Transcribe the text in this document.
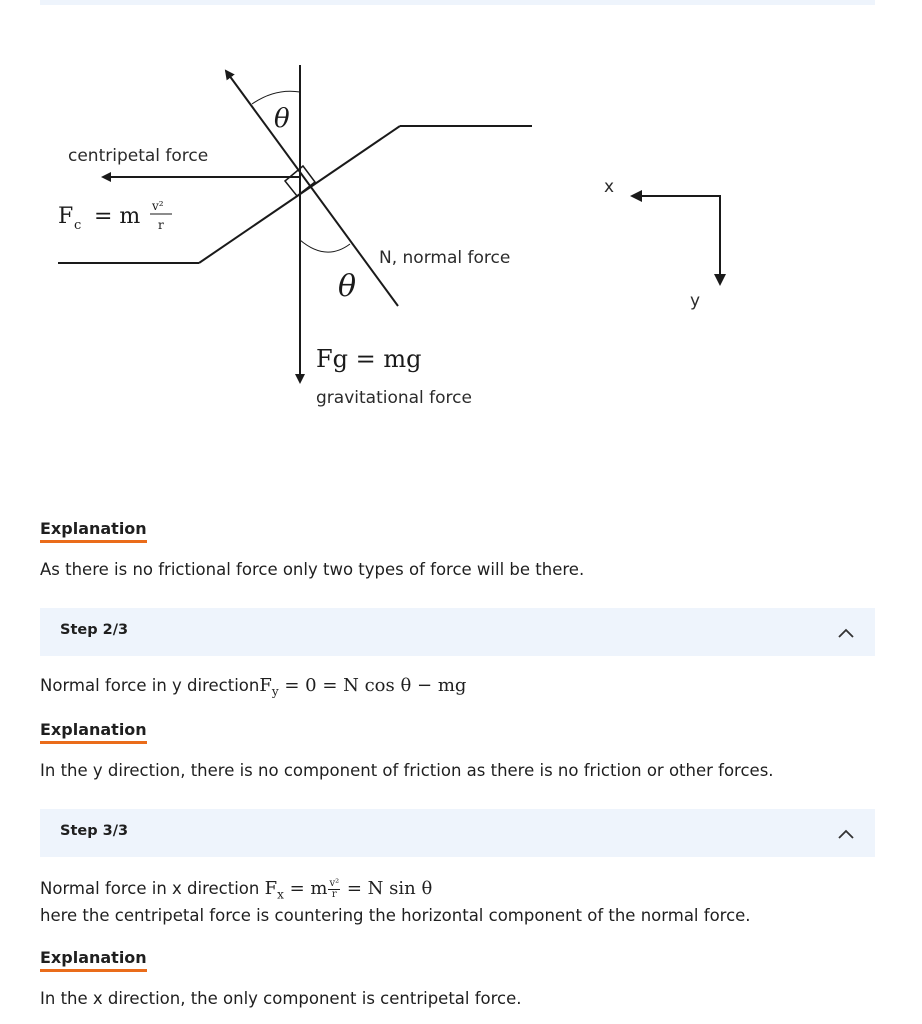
θ
θ
centripetal force
F c = m v²
r
N, normal force
Fg = mg
gravitational force
x
y
Explanation
As there is no frictional force only two types of force will be there.
Step 2/3
Normal force in y directionF$_y$ = 0 = N cos θ − mg
Explanation
In the y direction, there is no component of friction as there is no friction or other forces.
Step 3/3
Normal force in x direction $F_x = m \frac{\text{v²}}{r} = N$ sin θ
here the centripetal force is countering the horizontal component of the normal force.
Explanation
In the x direction, the only component is centripetal force.
